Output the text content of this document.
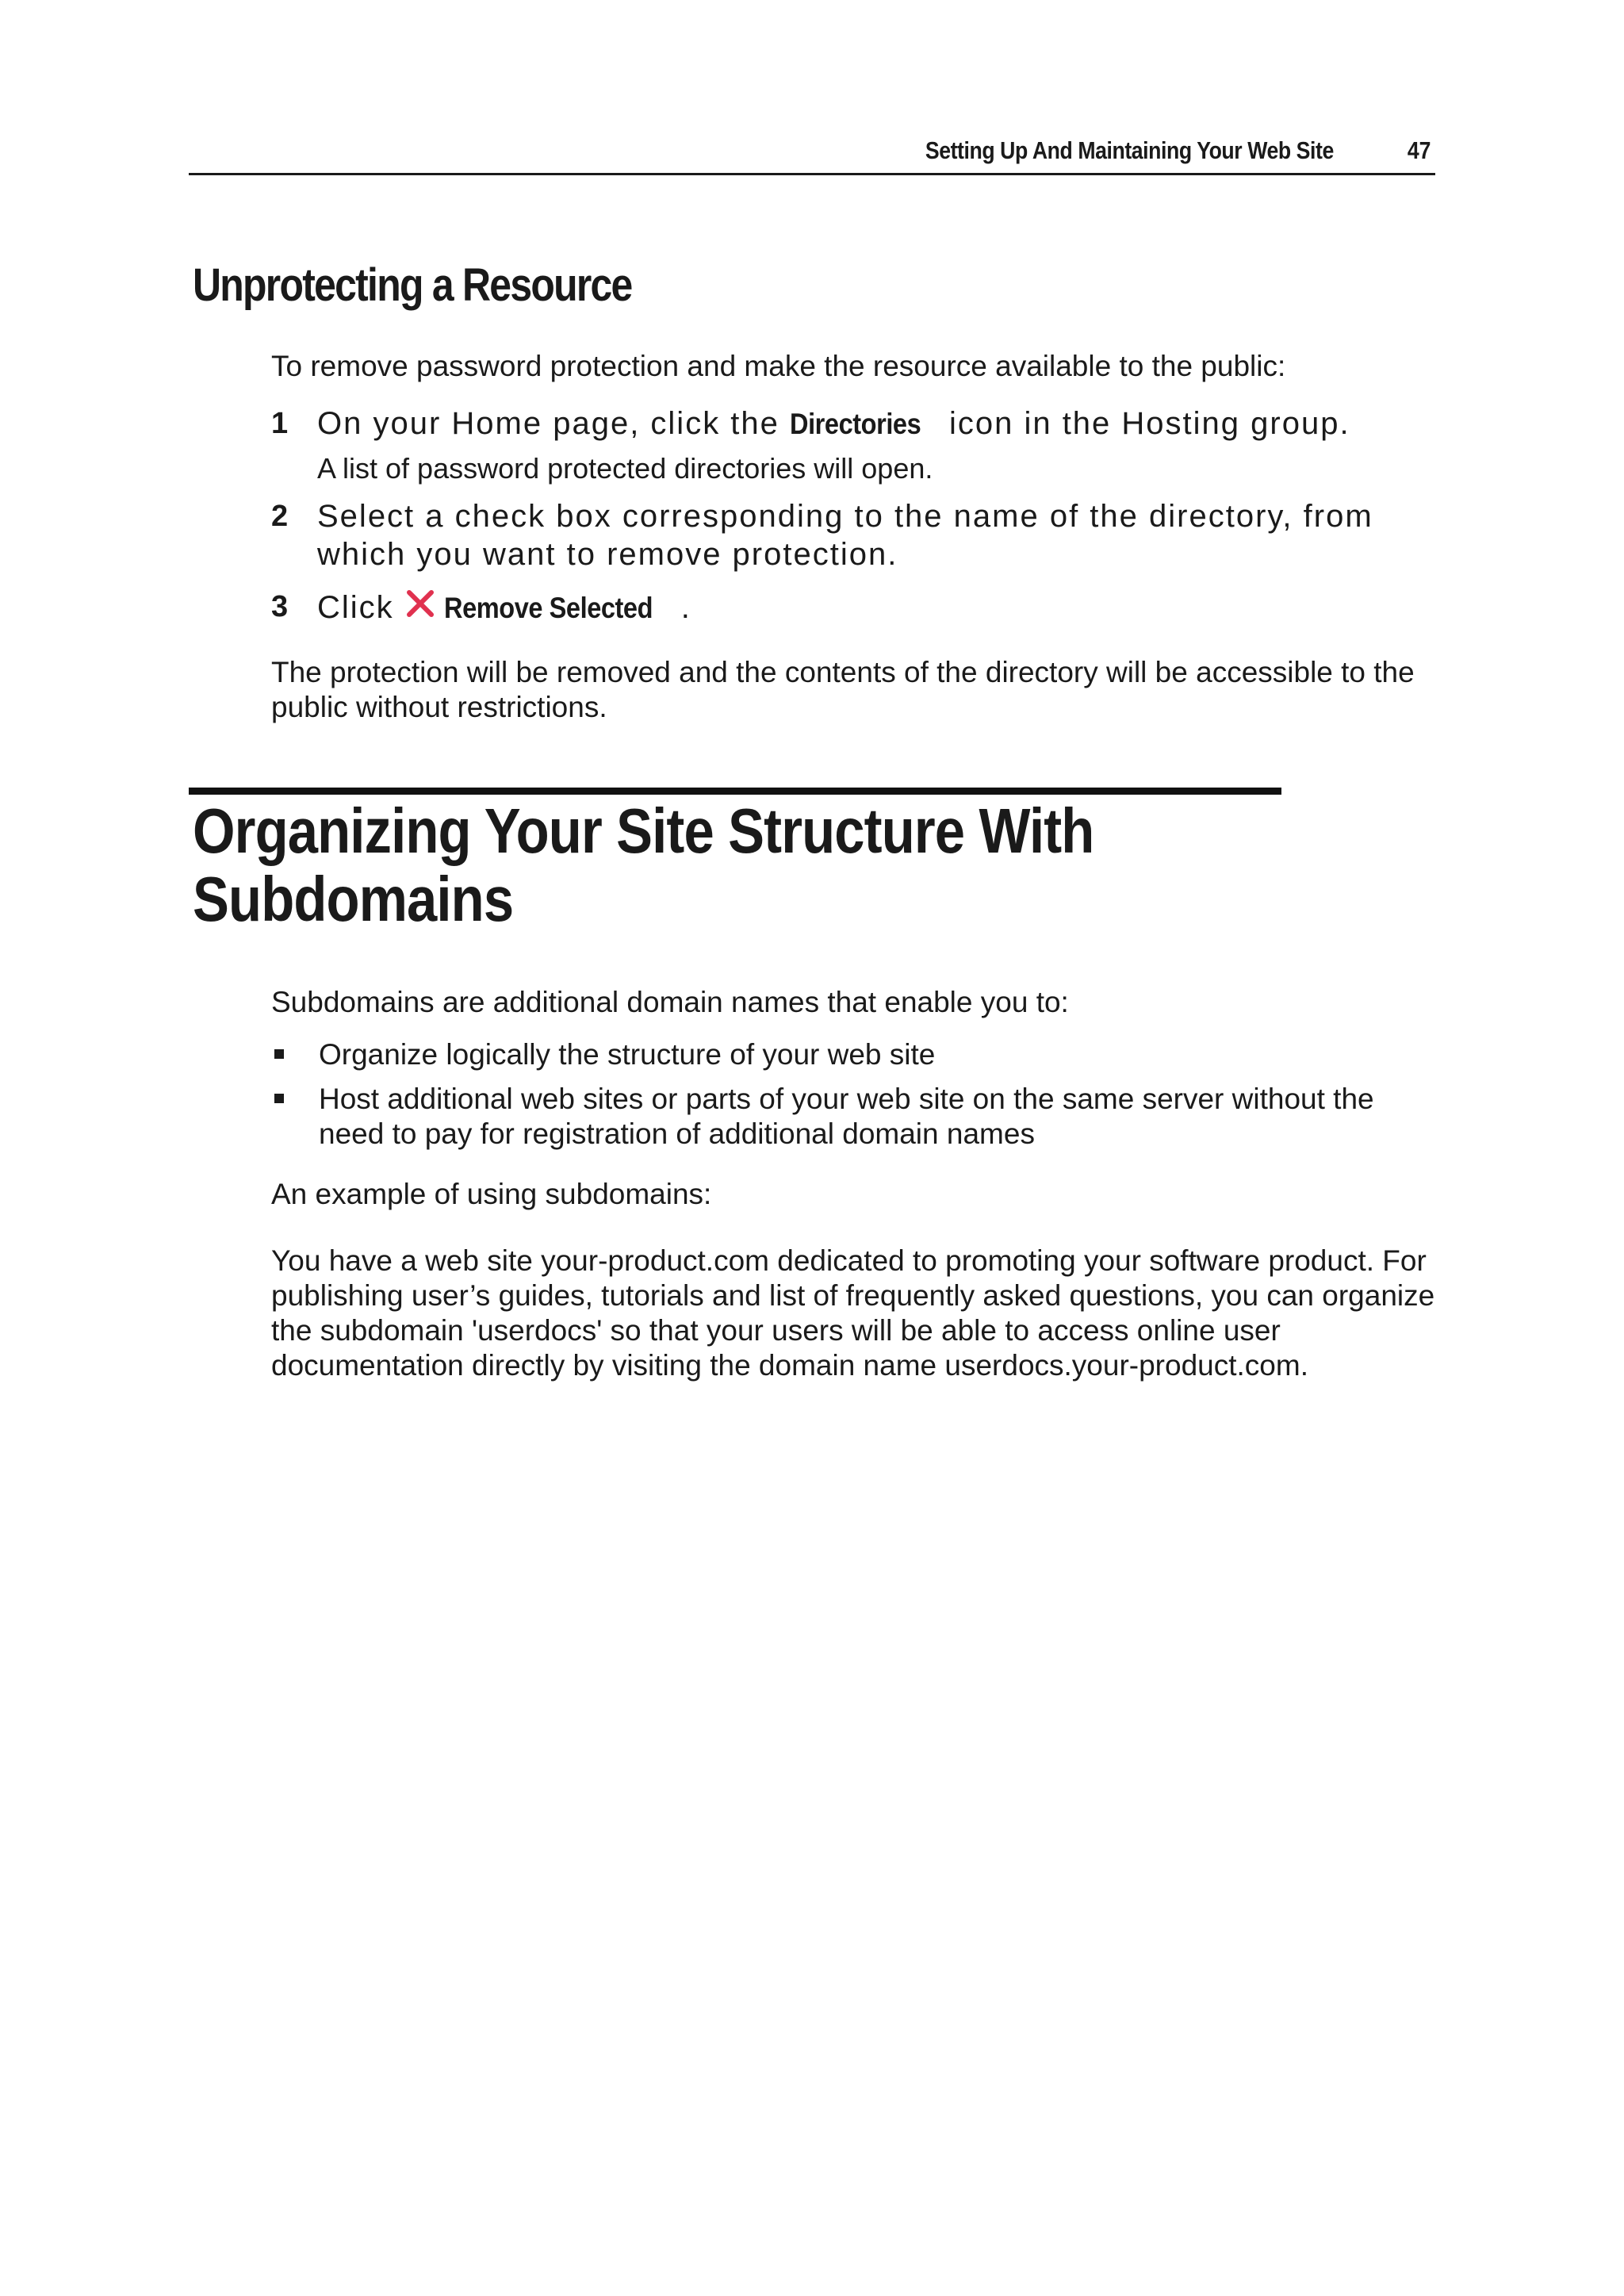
Setting Up And Maintaining Your Web Site	47
Unprotecting a Resource
To remove password protection and make the resource available to the public:
1 On your Home page, click the Directories icon in the Hosting group.
A list of password protected directories will open.
2 Select a check box corresponding to the name of the directory, from which you want to remove protection.
3 Click Remove Selected .
The protection will be removed and the contents of the directory will be accessible to the public without restrictions.
Organizing Your Site Structure With Subdomains
Subdomains are additional domain names that enable you to:
Organize logically the structure of your web site
Host additional web sites or parts of your web site on the same server without the need to pay for registration of additional domain names
An example of using subdomains:
You have a web site your-product.com dedicated to promoting your software product. For publishing user’s guides, tutorials and list of frequently asked questions, you can organize the subdomain 'userdocs' so that your users will be able to access online user documentation directly by visiting the domain name userdocs.your-product.com.
